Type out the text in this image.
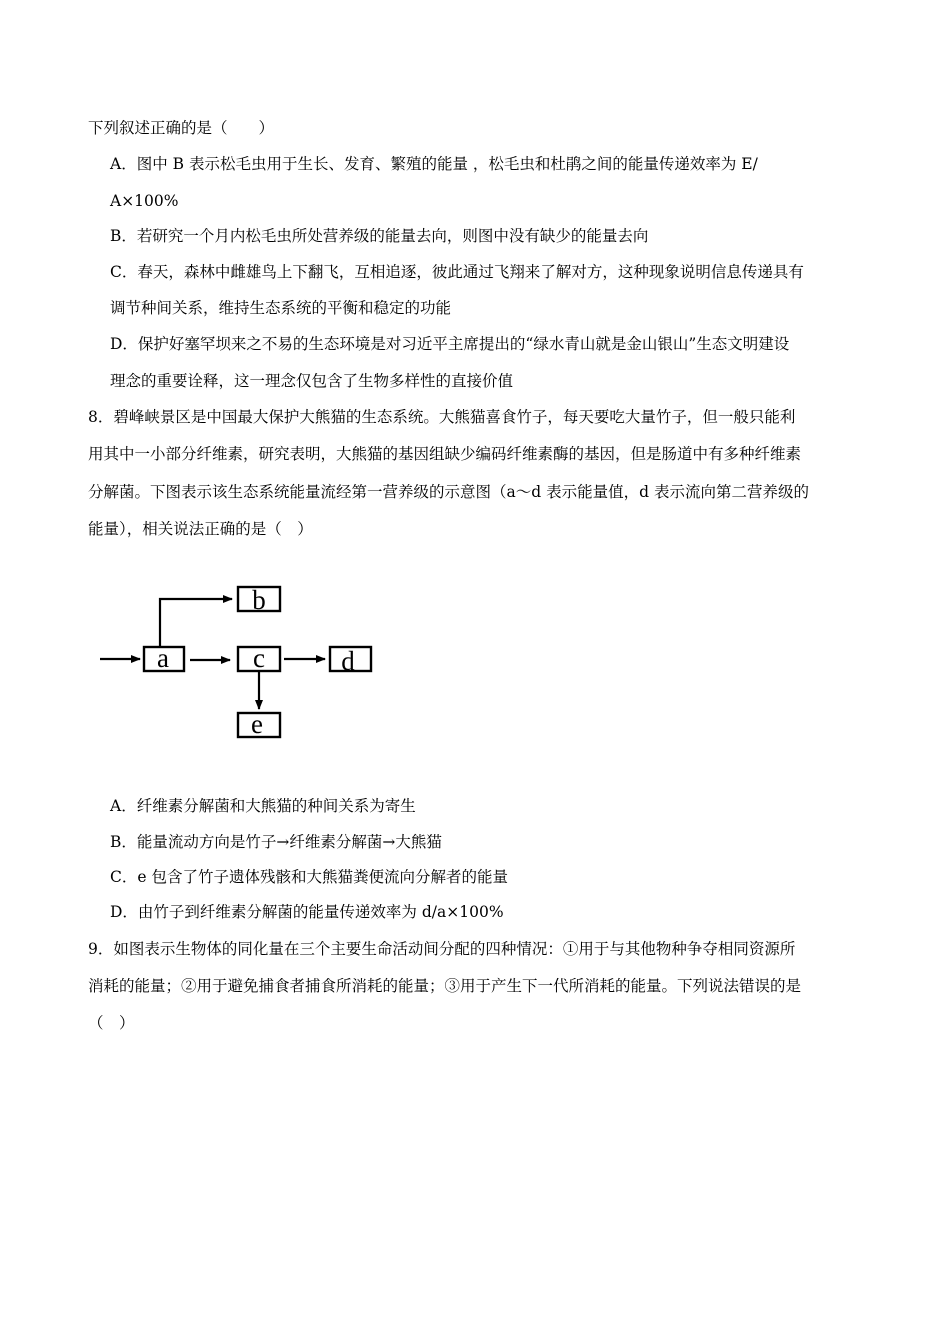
下列叙述正确的是（　　）
A．图中 B 表示松毛虫用于生长、发育、繁殖的能量 ，松毛虫和杜鹃之间的能量传递效率为 E/
A×100%
B．若研究一个月内松毛虫所处营养级的能量去向，则图中没有缺少的能量去向
C．春天，森林中雌雄鸟上下翻飞，互相追逐，彼此通过飞翔来了解对方，这种现象说明信息传递具有
调节种间关系，维持生态系统的平衡和稳定的功能
D．保护好塞罕坝来之不易的生态环境是对习近平主席提出的“绿水青山就是金山银山”生态文明建设
理念的重要诠释，这一理念仅包含了生物多样性的直接价值
8．碧峰峡景区是中国最大保护大熊猫的生态系统。大熊猫喜食竹子，每天要吃大量竹子，但一般只能利
用其中一小部分纤维素，研究表明，大熊猫的基因组缺少编码纤维素酶的基因，但是肠道中有多种纤维素
分解菌。下图表示该生态系统能量流经第一营养级的示意图（a～d 表示能量值，d 表示流向第二营养级的
能量），相关说法正确的是（　）
a
b
c	d
e
A．纤维素分解菌和大熊猫的种间关系为寄生
B．能量流动方向是竹子→纤维素分解菌→大熊猫
C．e 包含了竹子遗体残骸和大熊猫粪便流向分解者的能量
D．由竹子到纤维素分解菌的能量传递效率为 d/a×100%
9．如图表示生物体的同化量在三个主要生命活动间分配的四种情况：①用于与其他物种争夺相同资源所
消耗的能量；②用于避免捕食者捕食所消耗的能量；③用于产生下一代所消耗的能量。下列说法错误的是
（　）
